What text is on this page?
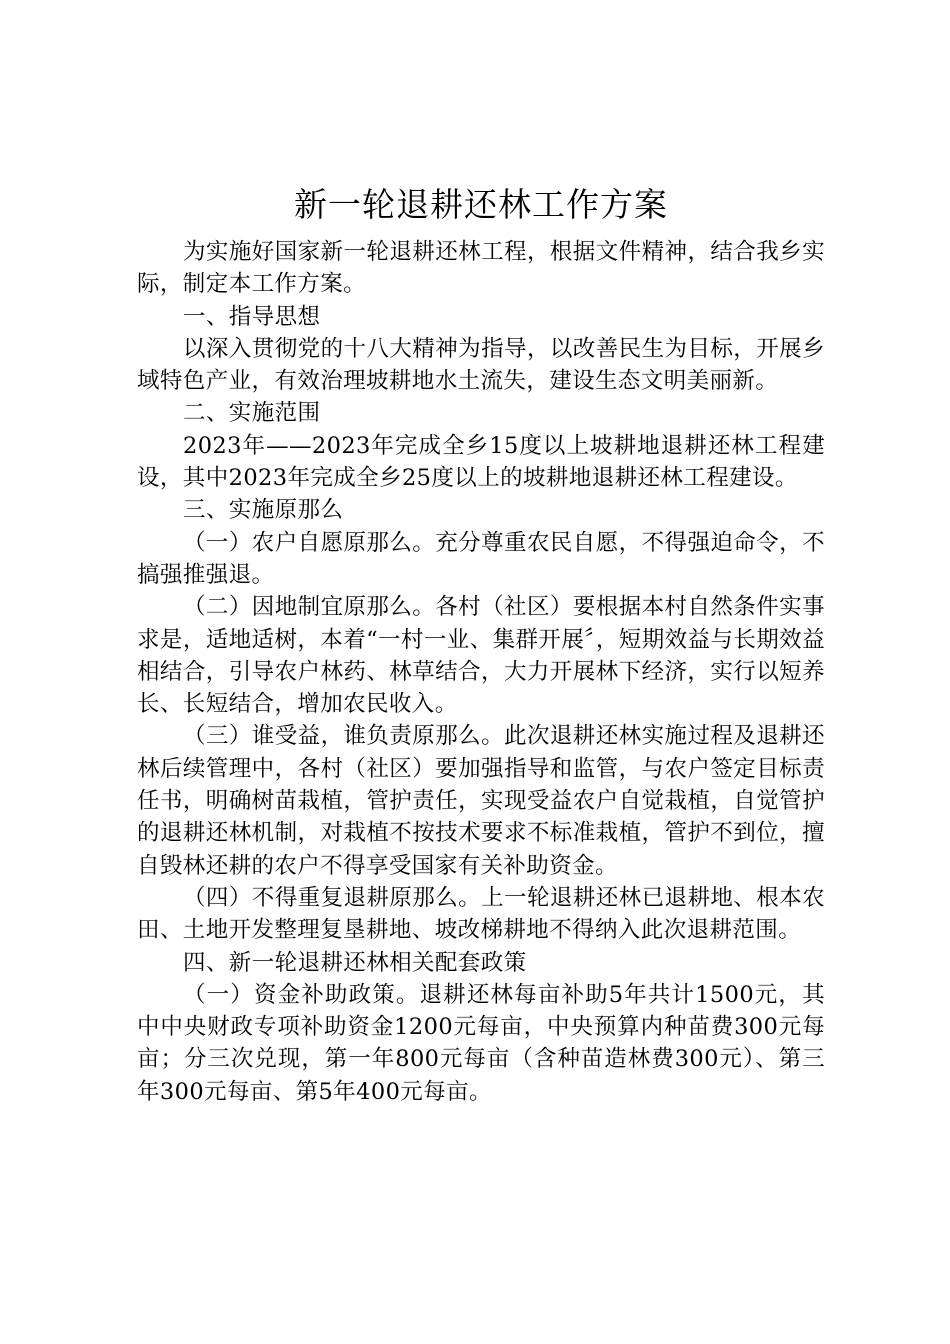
新一轮退耕还林工作方案

为实施好国家新一轮退耕还林工程，根据文件精神，结合我乡实际，制定本工作方案。

一、指导思想

以深入贯彻党的十八大精神为指导，以改善民生为目标，开展乡域特色产业，有效治理坡耕地水土流失，建设生态文明美丽新。

二、实施范围

2023年——2023年完成全乡15度以上坡耕地退耕还林工程建设，其中2023年完成全乡25度以上的坡耕地退耕还林工程建设。

三、实施原那么

（一）农户自愿原那么。充分尊重农民自愿，不得强迫命令，不搞强推强退。

（二）因地制宜原那么。各村（社区）要根据本村自然条件实事求是，适地适树，本着“一村一业、集群开展〞，短期效益与长期效益相结合，引导农户林药、林草结合，大力开展林下经济，实行以短养长、长短结合，增加农民收入。

（三）谁受益，谁负责原那么。此次退耕还林实施过程及退耕还林后续管理中，各村（社区）要加强指导和监管，与农户签定目标责任书，明确树苗栽植，管护责任，实现受益农户自觉栽植，自觉管护的退耕还林机制，对栽植不按技术要求不标准栽植，管护不到位，擅自毁林还耕的农户不得享受国家有关补助资金。

（四）不得重复退耕原那么。上一轮退耕还林已退耕地、根本农田、土地开发整理复垦耕地、坡改梯耕地不得纳入此次退耕范围。

四、新一轮退耕还林相关配套政策

（一）资金补助政策。退耕还林每亩补助5年共计1500元，其中中央财政专项补助资金1200元每亩，中央预算内种苗费300元每亩；分三次兑现，第一年800元每亩（含种苗造林费300元）、第三年300元每亩、第5年400元每亩。
